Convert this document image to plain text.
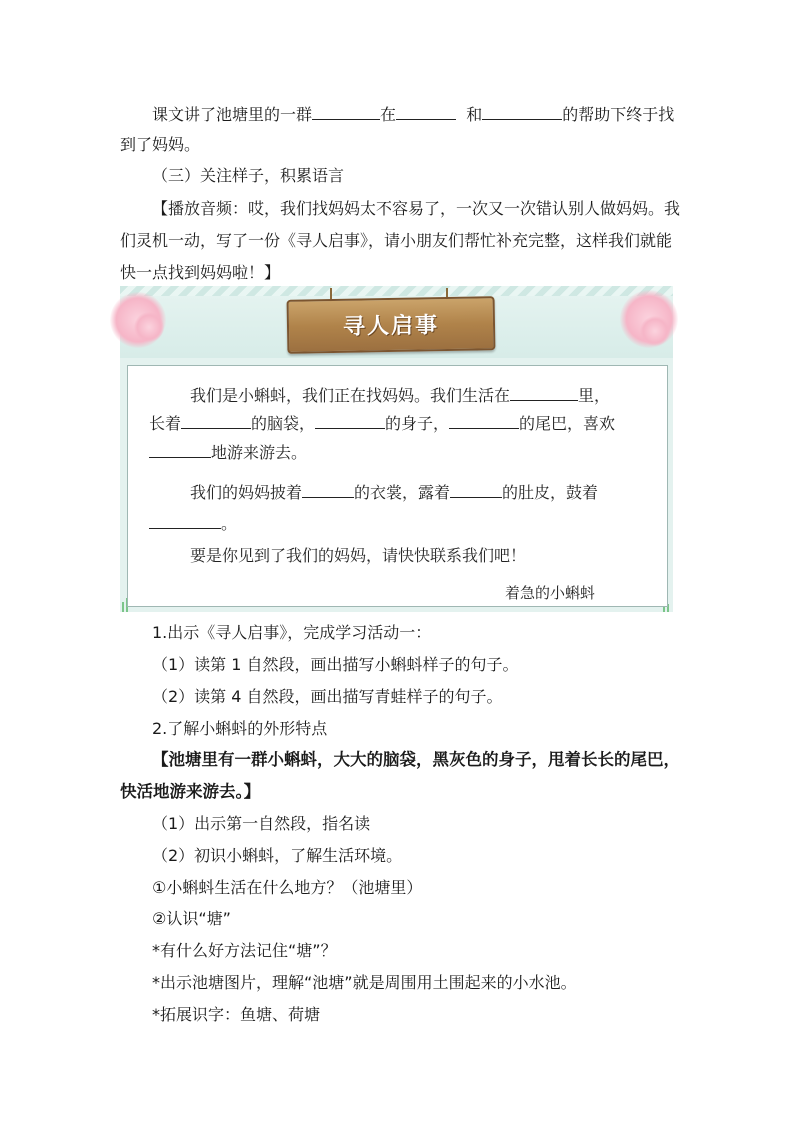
课文讲了池塘里的一群	在	和	的帮助下终于找
到了妈妈。
（三）关注样子，积累语言
【播放音频：哎，我们找妈妈太不容易了，一次又一次错认别人做妈妈。我
们灵机一动，写了一份《寻人启事》，请小朋友们帮忙补充完整，这样我们就能
快一点找到妈妈啦！】
寻人启事
我们是小蝌蚪，我们正在找妈妈。我们生活在	里，
长着	的脑袋，	的身子，	的尾巴，喜欢
地游来游去。
我们的妈妈披着	的衣裳，露着	的肚皮，鼓着
。
要是你见到了我们的妈妈，请快快联系我们吧！
着急的小蝌蚪
1.出示《寻人启事》，完成学习活动一：
（1）读第 1 自然段，画出描写小蝌蚪样子的句子。
（2）读第 4 自然段，画出描写青蛙样子的句子。
2.了解小蝌蚪的外形特点
【池塘里有一群小蝌蚪，大大的脑袋，黑灰色的身子，甩着长长的尾巴，
快活地游来游去。】
（1）出示第一自然段，指名读
（2）初识小蝌蚪，了解生活环境。
①小蝌蚪生活在什么地方？（池塘里）
②认识“塘”
*有什么好方法记住“塘”？
*出示池塘图片，理解“池塘”就是周围用土围起来的小水池。
*拓展识字：鱼塘、荷塘
